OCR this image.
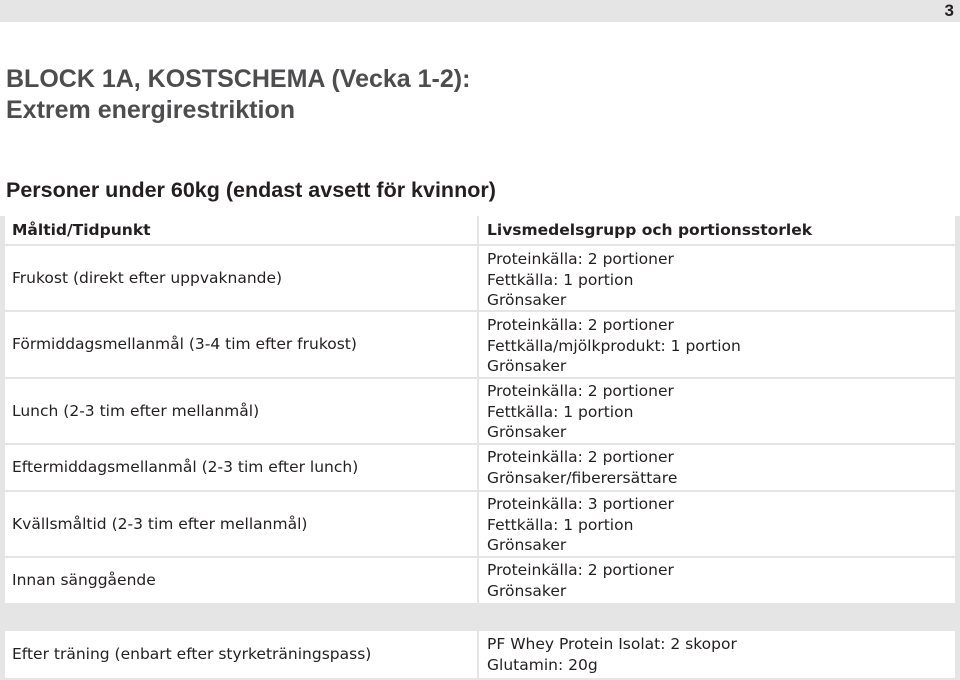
3
BLOCK 1A, KOSTSCHEMA (Vecka 1-2):
Extrem energirestriktion
Personer under 60kg (endast avsett för kvinnor)
Måltid/Tidpunkt	Livsmedelsgrupp och portionsstorlek
Frukost (direkt efter uppvaknande)
Proteinkälla: 2 portioner
Fettkälla: 1 portion
Grönsaker
Förmiddagsmellanmål (3-4 tim efter frukost)
Proteinkälla: 2 portioner
Fettkälla/mjölkprodukt: 1 portion
Grönsaker
Lunch (2-3 tim efter mellanmål)
Proteinkälla: 2 portioner
Fettkälla: 1 portion
Grönsaker
Eftermiddagsmellanmål (2-3 tim efter lunch)
Proteinkälla: 2 portioner
Grönsaker/fiberersättare
Kvällsmåltid (2-3 tim efter mellanmål)
Proteinkälla: 3 portioner
Fettkälla: 1 portion
Grönsaker
Innan sänggående
Proteinkälla: 2 portioner
Grönsaker
Efter träning (enbart efter styrketräningspass)
PF Whey Protein Isolat: 2 skopor
Glutamin: 20g
